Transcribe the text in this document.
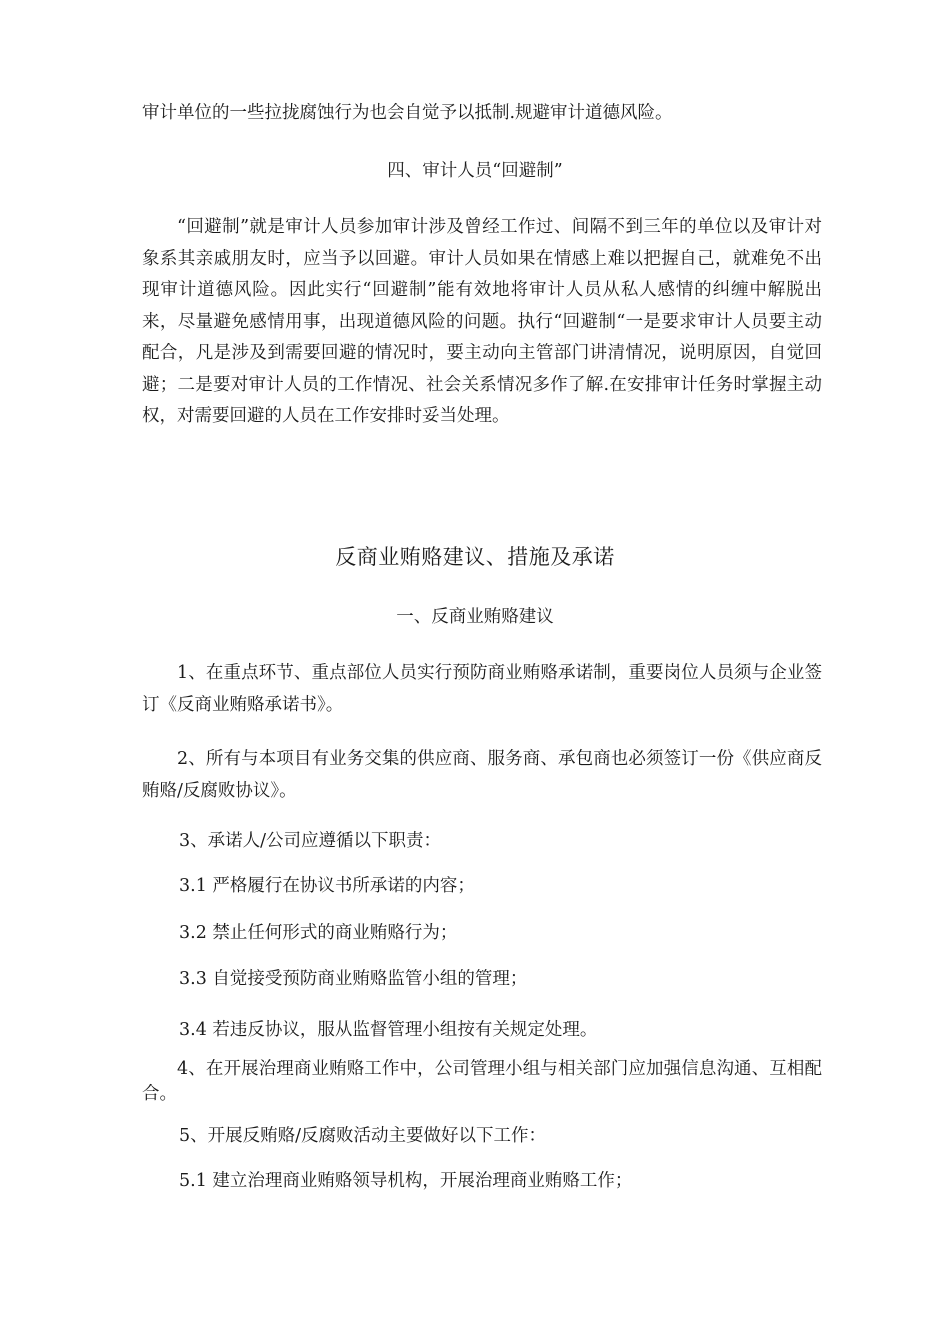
审计单位的一些拉拢腐蚀行为也会自觉予以抵制.规避审计道德风险。

四、审计人员“回避制”

“回避制”就是审计人员参加审计涉及曾经工作过、间隔不到三年的单位以及审计对象系其亲戚朋友时，应当予以回避。审计人员如果在情感上难以把握自己，就难免不出现审计道德风险。因此实行“回避制”能有效地将审计人员从私人感情的纠缠中解脱出来，尽量避免感情用事，出现道德风险的问题。执行“回避制“一是要求审计人员要主动配合，凡是涉及到需要回避的情况时，要主动向主管部门讲清情况，说明原因，自觉回避；二是要对审计人员的工作情况、社会关系情况多作了解.在安排审计任务时掌握主动权，对需要回避的人员在工作安排时妥当处理。

反商业贿赂建议、措施及承诺

一、反商业贿赂建议

1、在重点环节、重点部位人员实行预防商业贿赂承诺制，重要岗位人员须与企业签订《反商业贿赂承诺书》。

2、所有与本项目有业务交集的供应商、服务商、承包商也必须签订一份《供应商反贿赂/反腐败协议》。

3、承诺人/公司应遵循以下职责：

3.1 严格履行在协议书所承诺的内容；

3.2 禁止任何形式的商业贿赂行为；

3.3 自觉接受预防商业贿赂监管小组的管理；

3.4 若违反协议，服从监督管理小组按有关规定处理。

4、在开展治理商业贿赂工作中，公司管理小组与相关部门应加强信息沟通、互相配合。

5、开展反贿赂/反腐败活动主要做好以下工作：

5.1 建立治理商业贿赂领导机构，开展治理商业贿赂工作；
